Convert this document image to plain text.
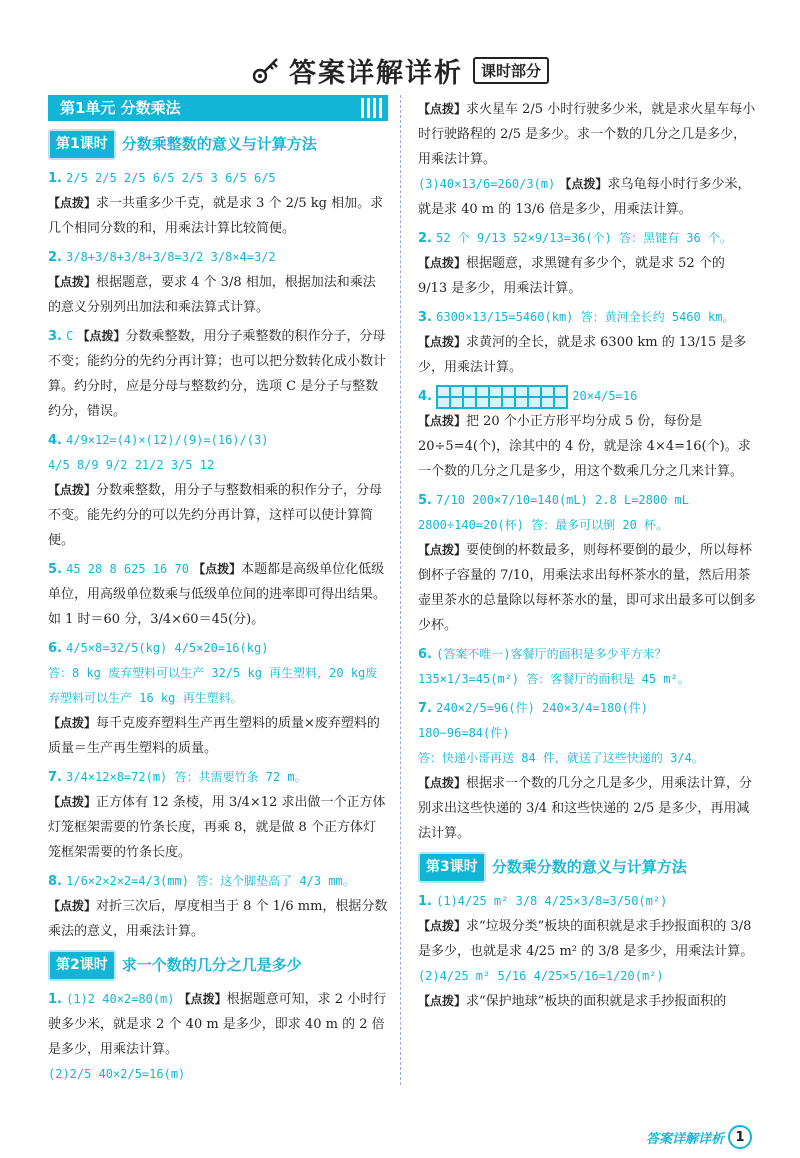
答案详解详析	课时部分
第1单元 分数乘法
第1课时 分数乘整数的意义与计算方法

1. 2/5 2/5 2/5 6/5 2/5 3 6/5 6/5

【点拨】求一共重多少千克，就是求 3 个 2/5 kg 相加。求几个相同分数的和，用乘法计算比较简便。

2. 3/8+3/8+3/8+3/8=3/2 3/8×4=3/2

【点拨】根据题意，要求 4 个 3/8 相加，根据加法和乘法的意义分别列出加法和乘法算式计算。

3. C 【点拨】分数乘整数，用分子乘整数的积作分子，分母不变；能约分的先约分再计算；也可以把分数转化成小数计算。约分时，应是分母与整数约分，选项 C 是分子与整数约分，错误。

4. 4/9×12=(4)×(12)/(9)=(16)/(3)

4/5 8/9 9/2 21/2 3/5 12

【点拨】分数乘整数，用分子与整数相乘的积作分子，分母不变。能先约分的可以先约分再计算，这样可以使计算简便。

5. 45 28 8 625 16 70 【点拨】本题都是高级单位化低级单位，用高级单位数乘与低级单位间的进率即可得出结果。如 1 时＝60 分，3/4×60＝45(分)。

6. 4/5×8=32/5(kg) 4/5×20=16(kg)

答：8 kg 废弃塑料可以生产 32/5 kg 再生塑料，20 kg废弃塑料可以生产 16 kg 再生塑料。

【点拨】每千克废弃塑料生产再生塑料的质量×废弃塑料的质量＝生产再生塑料的质量。

7. 3/4×12×8=72(m) 答：共需要竹条 72 m。

【点拨】正方体有 12 条棱，用 3/4×12 求出做一个正方体灯笼框架需要的竹条长度，再乘 8，就是做 8 个正方体灯笼框架需要的竹条长度。

8. 1/6×2×2×2=4/3(mm) 答：这个脚垫高了 4/3 mm。

【点拨】对折三次后，厚度相当于 8 个 1/6 mm，根据分数乘法的意义，用乘法计算。

第2课时 求一个数的几分之几是多少

1. (1)2 40×2=80(m) 【点拨】根据题意可知，求 2 小时行驶多少米，就是求 2 个 40 m 是多少，即求 40 m 的 2 倍是多少，用乘法计算。

(2)2/5 40×2/5=16(m)

【点拨】求火星车 2/5 小时行驶多少米，就是求火星车每小时行驶路程的 2/5 是多少。求一个数的几分之几是多少，用乘法计算。

(3)40×13/6=260/3(m) 【点拨】求乌龟每小时行多少米，就是求 40 m 的 13/6 倍是多少，用乘法计算。

2. 52 个 9/13 52×9/13=36(个) 答：黑键有 36 个。

【点拨】根据题意，求黑键有多少个，就是求 52 个的 9/13 是多少，用乘法计算。

3. 6300×13/15=5460(km) 答：黄河全长约 5460 km。

【点拨】求黄河的全长，就是求 6300 km 的 13/15 是多少，用乘法计算。

4.	20×4/5=16

【点拨】把 20 个小正方形平均分成 5 份，每份是 20÷5=4(个)，涂其中的 4 份，就是涂 4×4=16(个)。求一个数的几分之几是多少，用这个数乘几分之几来计算。

5. 7/10 200×7/10=140(mL) 2.8 L=2800 mL

2800÷140=20(杯) 答：最多可以倒 20 杯。

【点拨】要使倒的杯数最多，则每杯要倒的最少，所以每杯倒杯子容量的 7/10，用乘法求出每杯茶水的量，然后用茶壶里茶水的总量除以每杯茶水的量，即可求出最多可以倒多少杯。

6. (答案不唯一)客餐厅的面积是多少平方米？

135×1/3=45(m²) 答：客餐厅的面积是 45 m²。

7. 240×2/5=96(件) 240×3/4=180(件)

180−96=84(件)

答：快递小哥再送 84 件，就送了这些快递的 3/4。

【点拨】根据求一个数的几分之几是多少，用乘法计算，分别求出这些快递的 3/4 和这些快递的 2/5 是多少，再用减法计算。

第3课时 分数乘分数的意义与计算方法

1. (1)4/25 m² 3/8 4/25×3/8=3/50(m²)

【点拨】求“垃圾分类”板块的面积就是求手抄报面积的 3/8 是多少，也就是求 4/25 m² 的 3/8 是多少，用乘法计算。

(2)4/25 m² 5/16 4/25×5/16=1/20(m²)

【点拨】求“保护地球”板块的面积就是求手抄报面积的

答案详解详析 1
